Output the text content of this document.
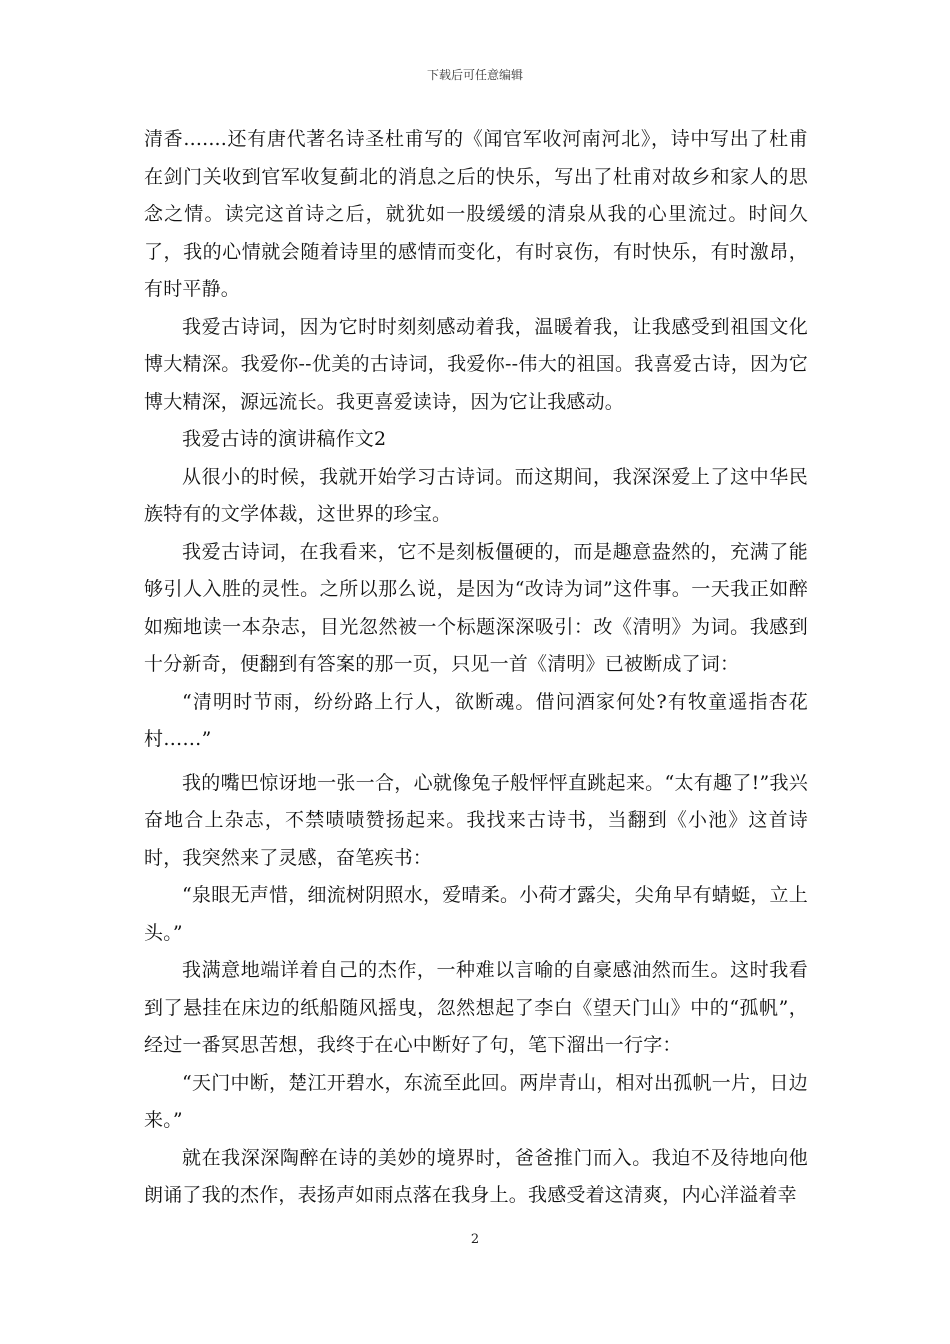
下载后可任意编辑

清香.......还有唐代著名诗圣杜甫写的《闻官军收河南河北》，诗中写出了杜甫在剑门关收到官军收复蓟北的消息之后的快乐，写出了杜甫对故乡和家人的思念之情。读完这首诗之后，就犹如一股缓缓的清泉从我的心里流过。时间久了，我的心情就会随着诗里的感情而变化，有时哀伤，有时快乐，有时激昂，有时平静。

我爱古诗词，因为它时时刻刻感动着我，温暖着我，让我感受到祖国文化博大精深。我爱你--优美的古诗词，我爱你--伟大的祖国。我喜爱古诗，因为它博大精深，源远流长。我更喜爱读诗，因为它让我感动。

我爱古诗的演讲稿作文2

从很小的时候，我就开始学习古诗词。而这期间，我深深爱上了这中华民族特有的文学体裁，这世界的珍宝。

我爱古诗词，在我看来，它不是刻板僵硬的，而是趣意盎然的，充满了能够引人入胜的灵性。之所以那么说，是因为“改诗为词”这件事。一天我正如醉如痴地读一本杂志，目光忽然被一个标题深深吸引：改《清明》为词。我感到十分新奇，便翻到有答案的那一页，只见一首《清明》已被断成了词：

“清明时节雨，纷纷路上行人，欲断魂。借问酒家何处?有牧童遥指杏花村……”

我的嘴巴惊讶地一张一合，心就像兔子般怦怦直跳起来。“太有趣了!”我兴奋地合上杂志，不禁啧啧赞扬起来。我找来古诗书，当翻到《小池》这首诗时，我突然来了灵感，奋笔疾书：

“泉眼无声惜，细流树阴照水，爱晴柔。小荷才露尖，尖角早有蜻蜓，立上头。”

我满意地端详着自己的杰作，一种难以言喻的自豪感油然而生。这时我看到了悬挂在床边的纸船随风摇曳，忽然想起了李白《望天门山》中的“孤帆”，经过一番冥思苦想，我终于在心中断好了句，笔下溜出一行字：

“天门中断，楚江开碧水，东流至此回。两岸青山，相对出孤帆一片，日边来。”

就在我深深陶醉在诗的美妙的境界时，爸爸推门而入。我迫不及待地向他朗诵了我的杰作，表扬声如雨点落在我身上。我感受着这清爽，内心洋溢着幸

2
